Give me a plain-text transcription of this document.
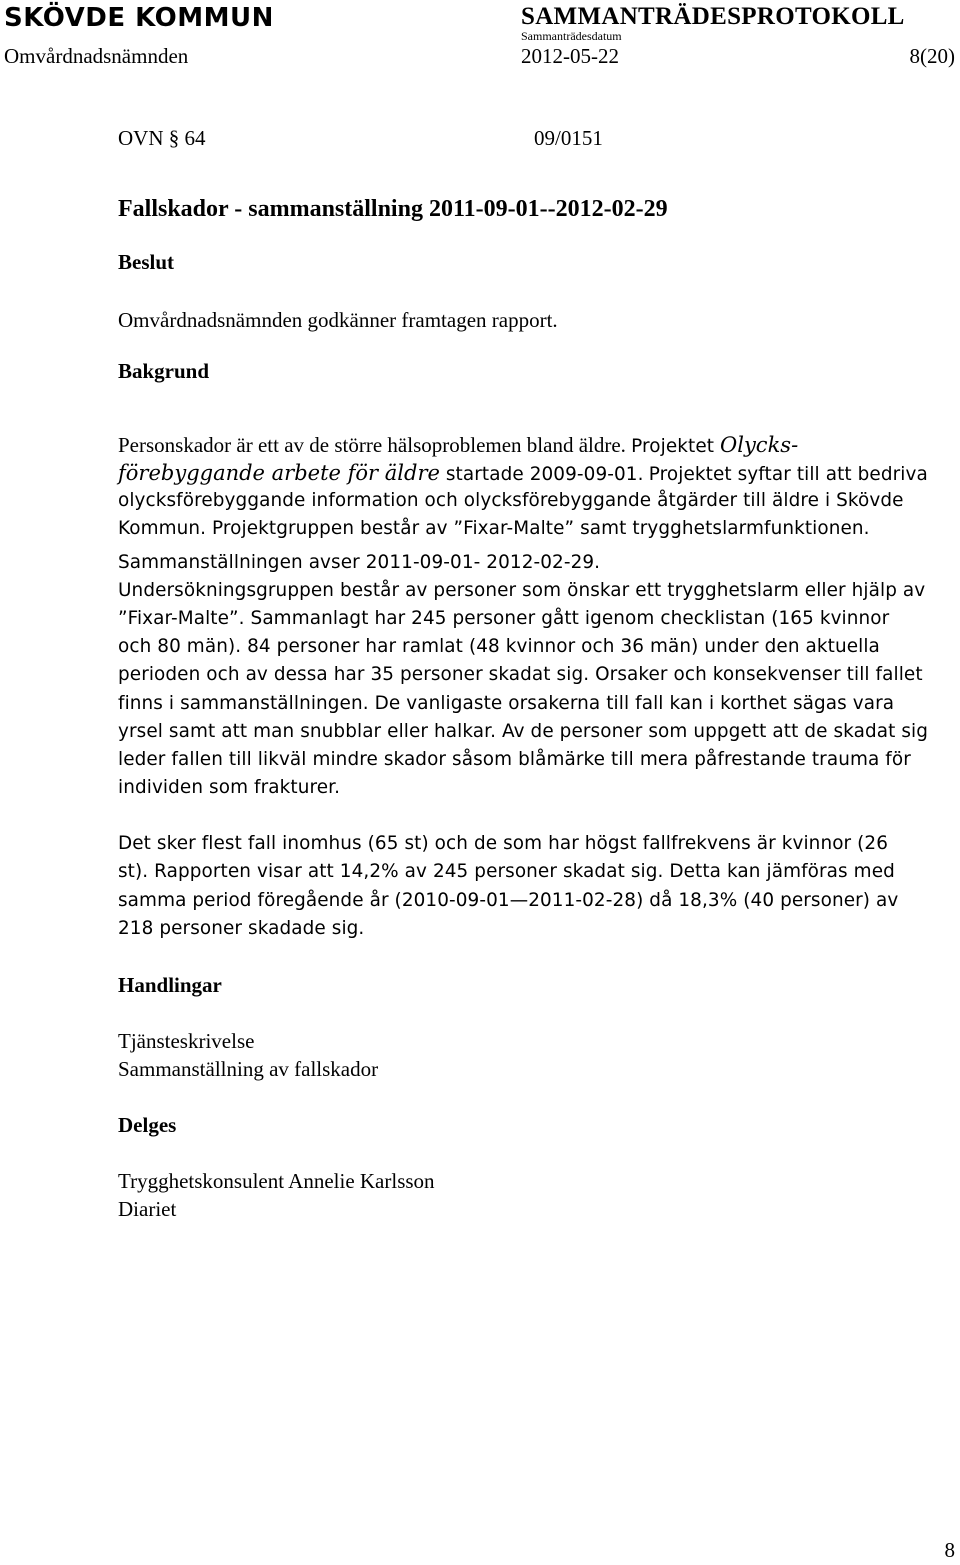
SKÖVDE KOMMUN	SAMMANTRÄDESPROTOKOLL
Sammanträdesdatum
Omvårdnadsnämnden	2012-05-22	8(20)
OVN § 64	09/0151
Fallskador - sammanställning 2011-09-01--2012-02-29
Beslut
Omvårdnadsnämnden godkänner framtagen rapport.
Bakgrund
Personskador är ett av de större hälsoproblemen bland äldre. Projektet Olycks-
förebyggande arbete för äldre startade 2009-09-01. Projektet syftar till att bedriva
olycksförebyggande information och olycksförebyggande åtgärder till äldre i Skövde
Kommun. Projektgruppen består av ”Fixar-Malte” samt trygghetslarmfunktionen.
Sammanställningen avser 2011-09-01- 2012-02-29.
Undersökningsgruppen består av personer som önskar ett trygghetslarm eller hjälp av
”Fixar-Malte”. Sammanlagt har 245 personer gått igenom checklistan (165 kvinnor
och 80 män). 84 personer har ramlat (48 kvinnor och 36 män) under den aktuella
perioden och av dessa har 35 personer skadat sig. Orsaker och konsekvenser till fallet
finns i sammanställningen. De vanligaste orsakerna till fall kan i korthet sägas vara
yrsel samt att man snubblar eller halkar. Av de personer som uppgett att de skadat sig
leder fallen till likväl mindre skador såsom blåmärke till mera påfrestande trauma för
individen som frakturer.
Det sker flest fall inomhus (65 st) och de som har högst fallfrekvens är kvinnor (26
st). Rapporten visar att 14,2% av 245 personer skadat sig. Detta kan jämföras med
samma period föregående år (2010-09-01—2011-02-28) då 18,3% (40 personer) av
218 personer skadade sig.
Handlingar
Tjänsteskrivelse
Sammanställning av fallskador
Delges
Trygghetskonsulent Annelie Karlsson
Diariet
8
